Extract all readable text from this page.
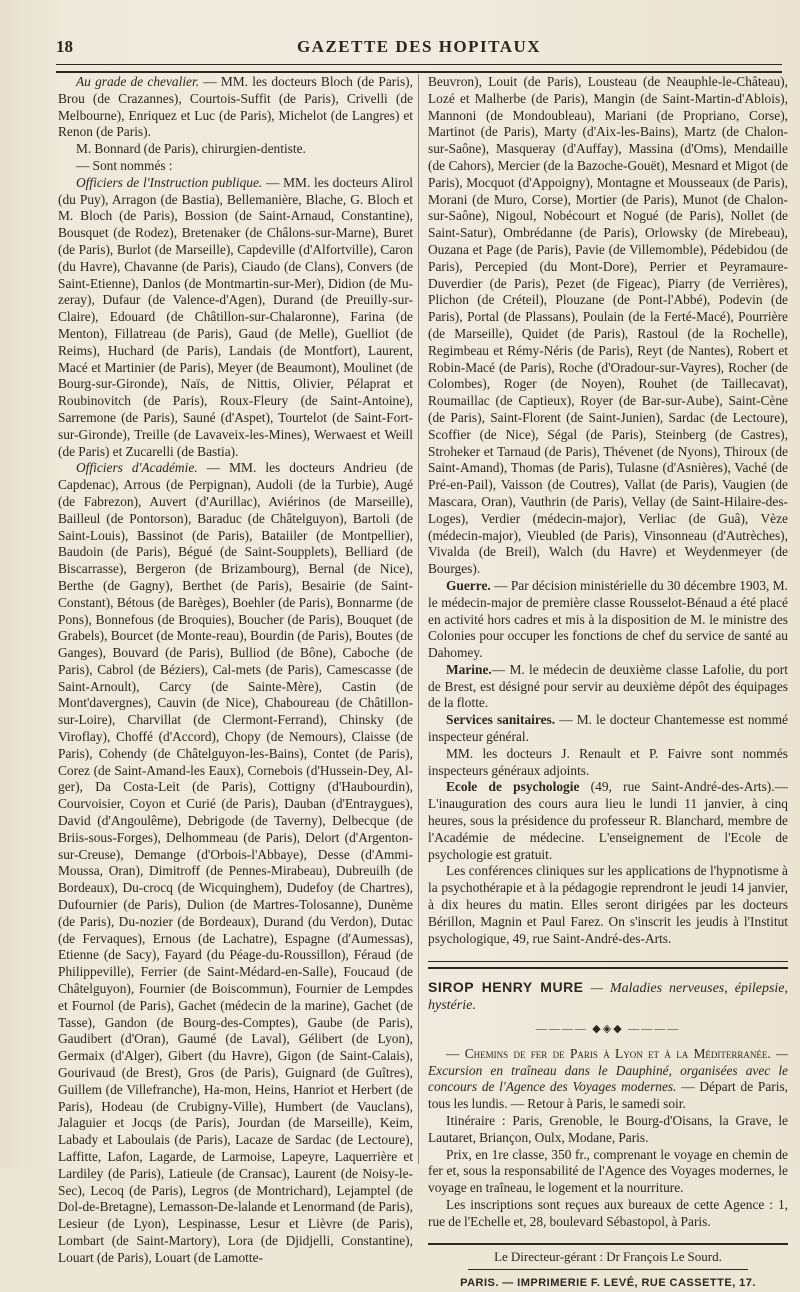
18	GAZETTE DES HOPITAUX

Au grade de chevalier. — MM. les docteurs Bloch (de Paris), Brou (de Crazannes), Courtois-Suffit (de Paris), Crivelli (de Melbourne), Enriquez et Luc (de Paris), Michelot (de Langres) et Renon (de Paris).

M. Bonnard (de Paris), chirurgien-dentiste.

— Sont nommés :

Officiers de l'Instruction publique. — MM. les docteurs Alirol (du Puy), Arragon (de Bastia), Bellemanière, Blache, G. Bloch et M. Bloch (de Paris), Bossion (de Saint-Arnaud, Constantine), Bousquet (de Rodez), Bretenaker (de Châlons-sur-Marne), Buret (de Paris), Burlot (de Marseille), Capdeville (d'Alfortville), Caron (du Havre), Chavanne (de Paris), Ciaudo (de Clans), Convers (de Saint-Etienne), Danlos (de Montmartin-sur-Mer), Didion (de Mu-zeray), Dufaur (de Valence-d'Agen), Durand (de Preuilly-sur-Claire), Edouard (de Châtillon-sur-Chalaronne), Farina (de Menton), Fillatreau (de Paris), Gaud (de Melle), Guelliot (de Reims), Huchard (de Paris), Landais (de Montfort), Laurent, Macé et Martinier (de Paris), Meyer (de Beaumont), Moulinet (de Bourg-sur-Gironde), Naïs, de Nittis, Olivier, Pélaprat et Roubinovitch (de Paris), Roux-Fleury (de Saint-Antoine), Sarremone (de Paris), Sauné (d'Aspet), Tourtelot (de Saint-Fort-sur-Gironde), Treille (de Lavaveix-les-Mines), Werwaest et Weill (de Paris) et Zucarelli (de Bastia).

Officiers d'Académie. — MM. les docteurs Andrieu (de Capdenac), Arrous (de Perpignan), Audoli (de la Turbie), Augé (de Fabrezon), Auvert (d'Aurillac), Aviérinos (de Marseille), Bailleul (de Pontorson), Baraduc (de Châtelguyon), Bartoli (de Saint-Louis), Bassinot (de Paris), Bataiiler (de Montpellier), Baudoin (de Paris), Bégué (de Saint-Soupplets), Belliard (de Biscarrasse), Bergeron (de Brizambourg), Bernal (de Nice), Berthe (de Gagny), Berthet (de Paris), Besairie (de Saint-Constant), Bétous (de Barèges), Boehler (de Paris), Bonnarme (de Pons), Bonnefous (de Broquies), Boucher (de Paris), Bouquet (de Grabels), Bourcet (de Monte-reau), Bourdin (de Paris), Boutes (de Ganges), Bouvard (de Paris), Bulliod (de Bône), Caboche (de Paris), Cabrol (de Béziers), Cal-mets (de Paris), Camescasse (de Saint-Arnoult), Carcy (de Sainte-Mère), Castin (de Mont'davergnes), Cauvin (de Nice), Chaboureau (de Châtillon-sur-Loire), Charvillat (de Clermont-Ferrand), Chinsky (de Viroflay), Choffé (d'Accord), Chopy (de Nemours), Claisse (de Paris), Cohendy (de Châtelguyon-les-Bains), Contet (de Paris), Corez (de Saint-Amand-les Eaux), Cornebois (d'Hussein-Dey, Al-ger), Da Costa-Leit (de Paris), Cottigny (d'Haubourdin), Courvoisier, Coyon et Curié (de Paris), Dauban (d'Entraygues), David (d'Angoulême), Debrigode (de Taverny), Delbecque (de Briis-sous-Forges), Delhommeau (de Paris), Delort (d'Argenton-sur-Creuse), Demange (d'Orbois-l'Abbaye), Desse (d'Ammi-Moussa, Oran), Dimitroff (de Pennes-Mirabeau), Dubreuilh (de Bordeaux), Du-crocq (de Wicquinghem), Dudefoy (de Chartres), Dufournier (de Paris), Dulion (de Martres-Tolosanne), Dunème (de Paris), Du-nozier (de Bordeaux), Durand (du Verdon), Dutac (de Fervaques), Ernous (de Lachatre), Espagne (d'Aumessas), Etienne (de Sacy), Fayard (du Péage-du-Roussillon), Féraud (de Philippeville), Ferrier (de Saint-Médard-en-Salle), Foucaud (de Châtelguyon), Fournier (de Boiscommun), Fournier de Lempdes et Fournol (de Paris), Gachet (médecin de la marine), Gachet (de Tasse), Gandon (de Bourg-des-Comptes), Gaube (de Paris), Gaudibert (d'Oran), Gaumé (de Laval), Gélibert (de Lyon), Germaix (d'Alger), Gibert (du Havre), Gigon (de Saint-Calais), Gourivaud (de Brest), Gros (de Paris), Guignard (de Guîtres), Guillem (de Villefranche), Ha-mon, Heins, Hanriot et Herbert (de Paris), Hodeau (de Crubigny-Ville), Humbert (de Vauclans), Jalaguier et Jocqs (de Paris), Jourdan (de Marseille), Keim, Labady et Laboulais (de Paris), Lacaze de Sardac (de Lectoure), Laffitte, Lafon, Lagarde, de Larmoise, Lapeyre, Laquerrière et Lardiley (de Paris), Latieule (de Cransac), Laurent (de Noisy-le-Sec), Lecoq (de Paris), Legros (de Montrichard), Lejamptel (de Dol-de-Bretagne), Lemasson-De-lalande et Lenormand (de Paris), Lesieur (de Lyon), Lespinasse, Lesur et Lièvre (de Paris), Lombart (de Saint-Martory), Lora (de Djidjelli, Constantine), Louart (de Paris), Louart (de Lamotte-

Beuvron), Louit (de Paris), Lousteau (de Neauphle-le-Château), Lozé et Malherbe (de Paris), Mangin (de Saint-Martin-d'Ablois), Mannoni (de Mondoubleau), Mariani (de Propriano, Corse), Martinot (de Paris), Marty (d'Aix-les-Bains), Martz (de Chalon-sur-Saône), Masqueray (d'Auffay), Massina (d'Oms), Mendaille (de Cahors), Mercier (de la Bazoche-Gouët), Mesnard et Migot (de Paris), Mocquot (d'Appoigny), Montagne et Mousseaux (de Paris), Morani (de Muro, Corse), Mortier (de Paris), Munot (de Chalon-sur-Saône), Nigoul, Nobécourt et Nogué (de Paris), Nollet (de Saint-Satur), Ombrédanne (de Paris), Orlowsky (de Mirebeau), Ouzana et Page (de Paris), Pavie (de Villemomble), Pédebidou (de Paris), Percepied (du Mont-Dore), Perrier et Peyramaure-Duverdier (de Paris), Pezet (de Figeac), Piarry (de Verrières), Plichon (de Créteil), Plouzane (de Pont-l'Abbé), Podevin (de Paris), Portal (de Plassans), Poulain (de la Ferté-Macé), Pourrière (de Marseille), Quidet (de Paris), Rastoul (de la Rochelle), Regimbeau et Rémy-Néris (de Paris), Reyt (de Nantes), Robert et Robin-Macé (de Paris), Roche (d'Oradour-sur-Vayres), Rocher (de Colombes), Roger (de Noyen), Rouhet (de Taillecavat), Roumaillac (de Captieux), Royer (de Bar-sur-Aube), Saint-Cène (de Paris), Saint-Florent (de Saint-Junien), Sardac (de Lectoure), Scoffier (de Nice), Ségal (de Paris), Steinberg (de Castres), Stroheker et Tarnaud (de Paris), Thévenet (de Nyons), Thiroux (de Saint-Amand), Thomas (de Paris), Tulasne (d'Asnières), Vaché (de Pré-en-Pail), Vaisson (de Coutres), Vallat (de Paris), Vaugien (de Mascara, Oran), Vauthrin (de Paris), Vellay (de Saint-Hilaire-des-Loges), Verdier (médecin-major), Verliac (de Guâ), Vèze (médecin-major), Vieubled (de Paris), Vinsonneau (d'Autrèches), Vivalda (de Breil), Walch (du Havre) et Weydenmeyer (de Bourges).

Guerre. — Par décision ministérielle du 30 décembre 1903, M. le médecin-major de première classe Rousselot-Bénaud a été placé en activité hors cadres et mis à la disposition de M. le ministre des Colonies pour occuper les fonctions de chef du service de santé au Dahomey.

Marine.— M. le médecin de deuxième classe Lafolie, du port de Brest, est désigné pour servir au deuxième dépôt des équipages de la flotte.

Services sanitaires. — M. le docteur Chantemesse est nommé inspecteur général.

MM. les docteurs J. Renault et P. Faivre sont nommés inspecteurs généraux adjoints.

Ecole de psychologie (49, rue Saint-André-des-Arts).— L'inauguration des cours aura lieu le lundi 11 janvier, à cinq heures, sous la présidence du professeur R. Blanchard, membre de l'Académie de médecine. L'enseignement de l'Ecole de psychologie est gratuit.

Les conférences cliniques sur les applications de l'hypnotisme à la psychothérapie et à la pédagogie reprendront le jeudi 14 janvier, à dix heures du matin. Elles seront dirigées par les docteurs Bérillon, Magnin et Paul Farez. On s'inscrit les jeudis à l'Institut psychologique, 49, rue Saint-André-des-Arts.

SIROP HENRY MURE — Maladies nerveuses, épilepsie, hystérie.

———— ◆◈◆ ————

— Chemins de fer de Paris à Lyon et à la Méditerranée. — Excursion en traîneau dans le Dauphiné, organisées avec le concours de l'Agence des Voyages modernes. — Départ de Paris, tous les lundis. — Retour à Paris, le samedi soir.

Itinéraire : Paris, Grenoble, le Bourg-d'Oisans, la Grave, le Lautaret, Briançon, Oulx, Modane, Paris.

Prix, en 1re classe, 350 fr., comprenant le voyage en chemin de fer et, sous la responsabilité de l'Agence des Voyages modernes, le voyage en traîneau, le logement et la nourriture.

Les inscriptions sont reçues aux bureaux de cette Agence : 1, rue de l'Echelle et, 28, boulevard Sébastopol, à Paris.

Le Directeur-gérant : Dr François Le Sourd.

PARIS. — IMPRIMERIE F. LEVÉ, RUE CASSETTE, 17.
